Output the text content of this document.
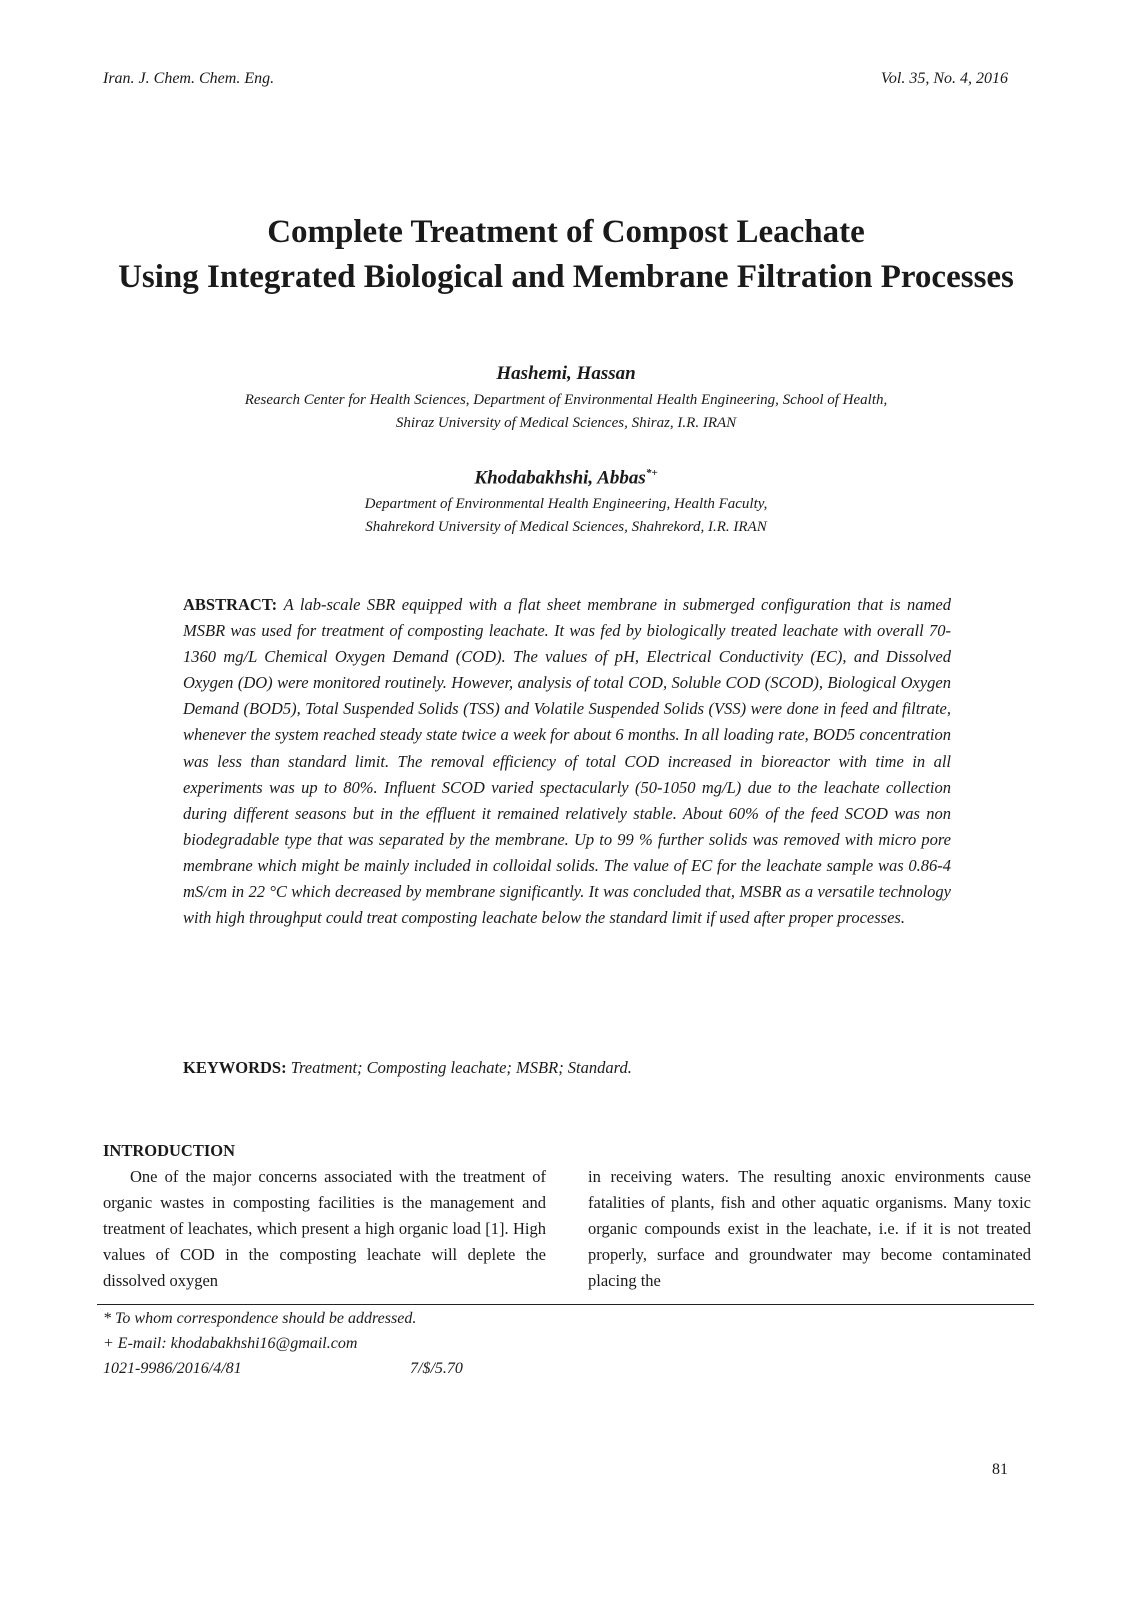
Iran. J. Chem. Chem. Eng.	Vol. 35, No. 4, 2016
Complete Treatment of Compost Leachate
Using Integrated Biological and Membrane Filtration Processes
Hashemi, Hassan
Research Center for Health Sciences, Department of Environmental Health Engineering, School of Health,
Shiraz University of Medical Sciences, Shiraz, I.R. IRAN
Khodabakhshi, Abbas*+
Department of Environmental Health Engineering, Health Faculty,
Shahrekord University of Medical Sciences, Shahrekord, I.R. IRAN
ABSTRACT: A lab-scale SBR equipped with a flat sheet membrane in submerged configuration that is named MSBR was used for treatment of composting leachate. It was fed by biologically treated leachate with overall 70-1360 mg/L Chemical Oxygen Demand (COD). The values of pH, Electrical Conductivity (EC), and Dissolved Oxygen (DO) were monitored routinely. However, analysis of total COD, Soluble COD (SCOD), Biological Oxygen Demand (BOD5), Total Suspended Solids (TSS) and Volatile Suspended Solids (VSS) were done in feed and filtrate, whenever the system reached steady state twice a week for about 6 months. In all loading rate, BOD5 concentration was less than standard limit. The removal efficiency of total COD increased in bioreactor with time in all experiments was up to 80%. Influent SCOD varied spectacularly (50-1050 mg/L) due to the leachate collection during different seasons but in the effluent it remained relatively stable. About 60% of the feed SCOD was non biodegradable type that was separated by the membrane. Up to 99 % further solids was removed with micro pore membrane which might be mainly included in colloidal solids. The value of EC for the leachate sample was 0.86-4 mS/cm in 22 °C which decreased by membrane significantly. It was concluded that, MSBR as a versatile technology with high throughput could treat composting leachate below the standard limit if used after proper processes.
KEYWORDS: Treatment; Composting leachate; MSBR; Standard.
INTRODUCTION
One of the major concerns associated with the treatment of organic wastes in composting facilities is the management and treatment of leachates, which present a high organic load [1]. High values of COD in the composting leachate will deplete the dissolved oxygen
in receiving waters. The resulting anoxic environments cause fatalities of plants, fish and other aquatic organisms. Many toxic organic compounds exist in the leachate, i.e. if it is not treated properly, surface and groundwater may become contaminated placing the
* To whom correspondence should be addressed.
+ E-mail: khodabakhshi16@gmail.com
1021-9986/2016/4/81	7/$/5.70
81
